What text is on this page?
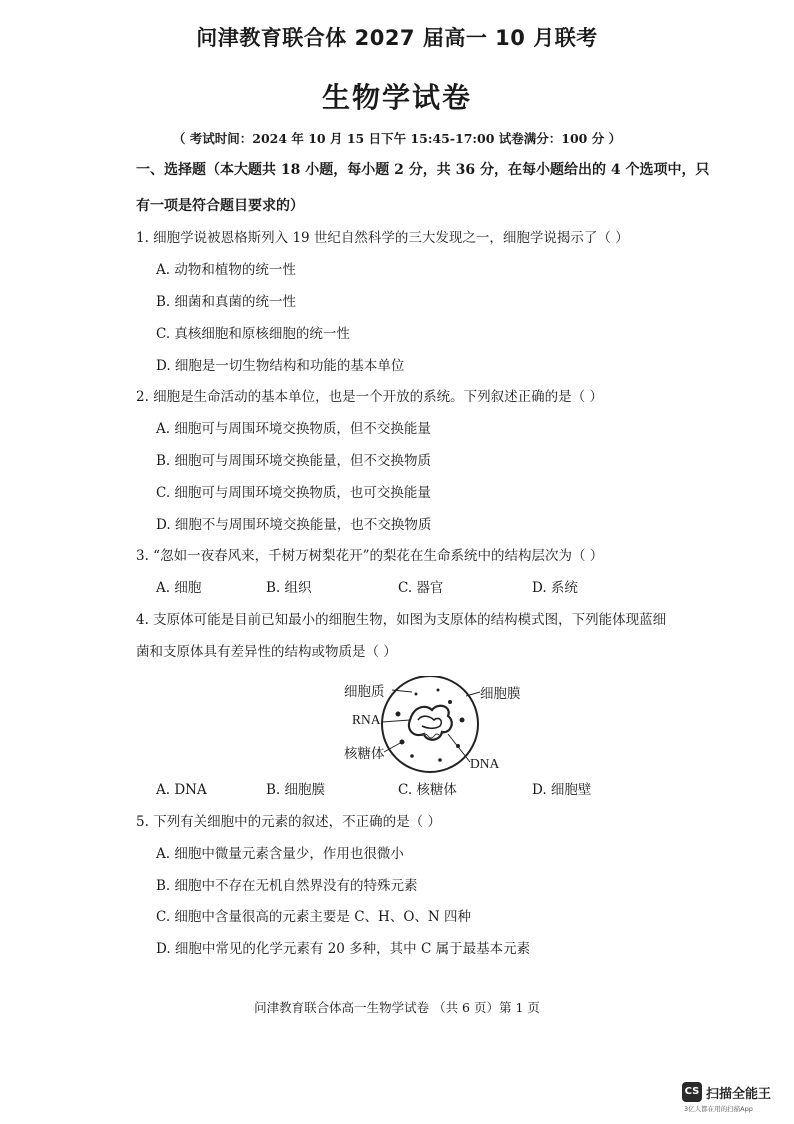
问津教育联合体 2027 届高一 10 月联考
生物学试卷
（ 考试时间：2024 年 10 月 15 日下午 15:45-17:00 试卷满分：100 分 ）
一、选择题（本大题共 18 小题，每小题 2 分，共 36 分，在每小题给出的 4 个选项中，只
有一项是符合题目要求的）
1. 细胞学说被恩格斯列入 19 世纪自然科学的三大发现之一，细胞学说揭示了（ ）
A. 动物和植物的统一性
B. 细菌和真菌的统一性
C. 真核细胞和原核细胞的统一性
D. 细胞是一切生物结构和功能的基本单位
2. 细胞是生命活动的基本单位，也是一个开放的系统。下列叙述正确的是（ ）
A. 细胞可与周围环境交换物质，但不交换能量
B. 细胞可与周围环境交换能量，但不交换物质
C. 细胞可与周围环境交换物质，也可交换能量
D. 细胞不与周围环境交换能量，也不交换物质
3. “忽如一夜春风来，千树万树梨花开”的梨花在生命系统中的结构层次为（ ）
A. 细胞	B. 组织	C. 器官	D. 系统
4. 支原体可能是目前已知最小的细胞生物，如图为支原体的结构模式图，下列能体现蓝细
菌和支原体具有差异性的结构或物质是（ ）
细胞质	细胞膜
RNA
核糖体
DNA
A. DNA	B. 细胞膜	C. 核糖体	D. 细胞壁
5. 下列有关细胞中的元素的叙述，不正确的是（ ）
A. 细胞中微量元素含量少，作用也很微小
B. 细胞中不存在无机自然界没有的特殊元素
C. 细胞中含量很高的元素主要是 C、H、O、N 四种
D. 细胞中常见的化学元素有 20 多种，其中 C 属于最基本元素
问津教育联合体高一生物学试卷 （共 6 页）第 1 页
CS 扫描全能王
3亿人都在用的扫描App
